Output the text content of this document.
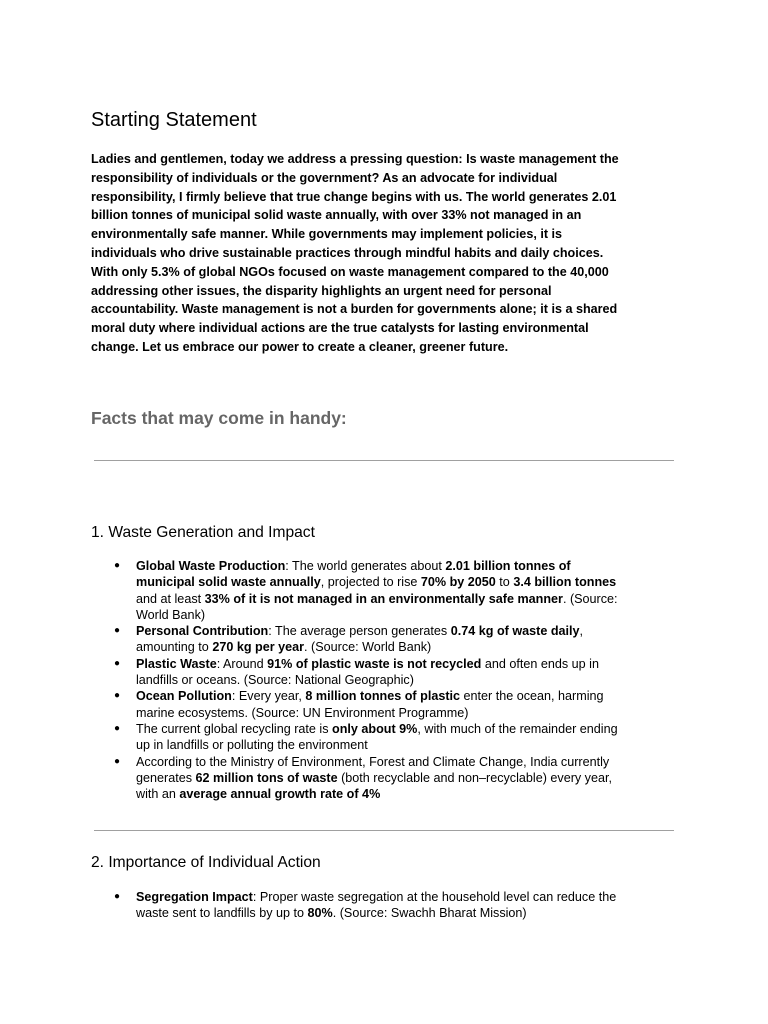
Starting Statement

Ladies and gentlemen, today we address a pressing question: Is waste management the
responsibility of individuals or the government? As an advocate for individual
responsibility, I firmly believe that true change begins with us. The world generates 2.01
billion tonnes of municipal solid waste annually, with over 33% not managed in an
environmentally safe manner. While governments may implement policies, it is
individuals who drive sustainable practices through mindful habits and daily choices.
With only 5.3% of global NGOs focused on waste management compared to the 40,000
addressing other issues, the disparity highlights an urgent need for personal
accountability. Waste management is not a burden for governments alone; it is a shared
moral duty where individual actions are the true catalysts for lasting environmental
change. Let us embrace our power to create a cleaner, greener future.

Facts that may come in handy:
1. Waste Generation and Impact
● Global Waste Production: The world generates about 2.01 billion tonnes of
municipal solid waste annually, projected to rise 70% by 2050 to 3.4 billion tonnes
and at least 33% of it is not managed in an environmentally safe manner. (Source:
World Bank)
● Personal Contribution: The average person generates 0.74 kg of waste daily,
amounting to 270 kg per year. (Source: World Bank)
● Plastic Waste: Around 91% of plastic waste is not recycled and often ends up in
landfills or oceans. (Source: National Geographic)
● Ocean Pollution: Every year, 8 million tonnes of plastic enter the ocean, harming
marine ecosystems. (Source: UN Environment Programme)
● The current global recycling rate is only about 9%, with much of the remainder ending
up in landfills or polluting the environment
● According to the Ministry of Environment, Forest and Climate Change, India currently
generates 62 million tons of waste (both recyclable and non–recyclable) every year,
with an average annual growth rate of 4%
2. Importance of Individual Action
● Segregation Impact: Proper waste segregation at the household level can reduce the
waste sent to landfills by up to 80%. (Source: Swachh Bharat Mission)
